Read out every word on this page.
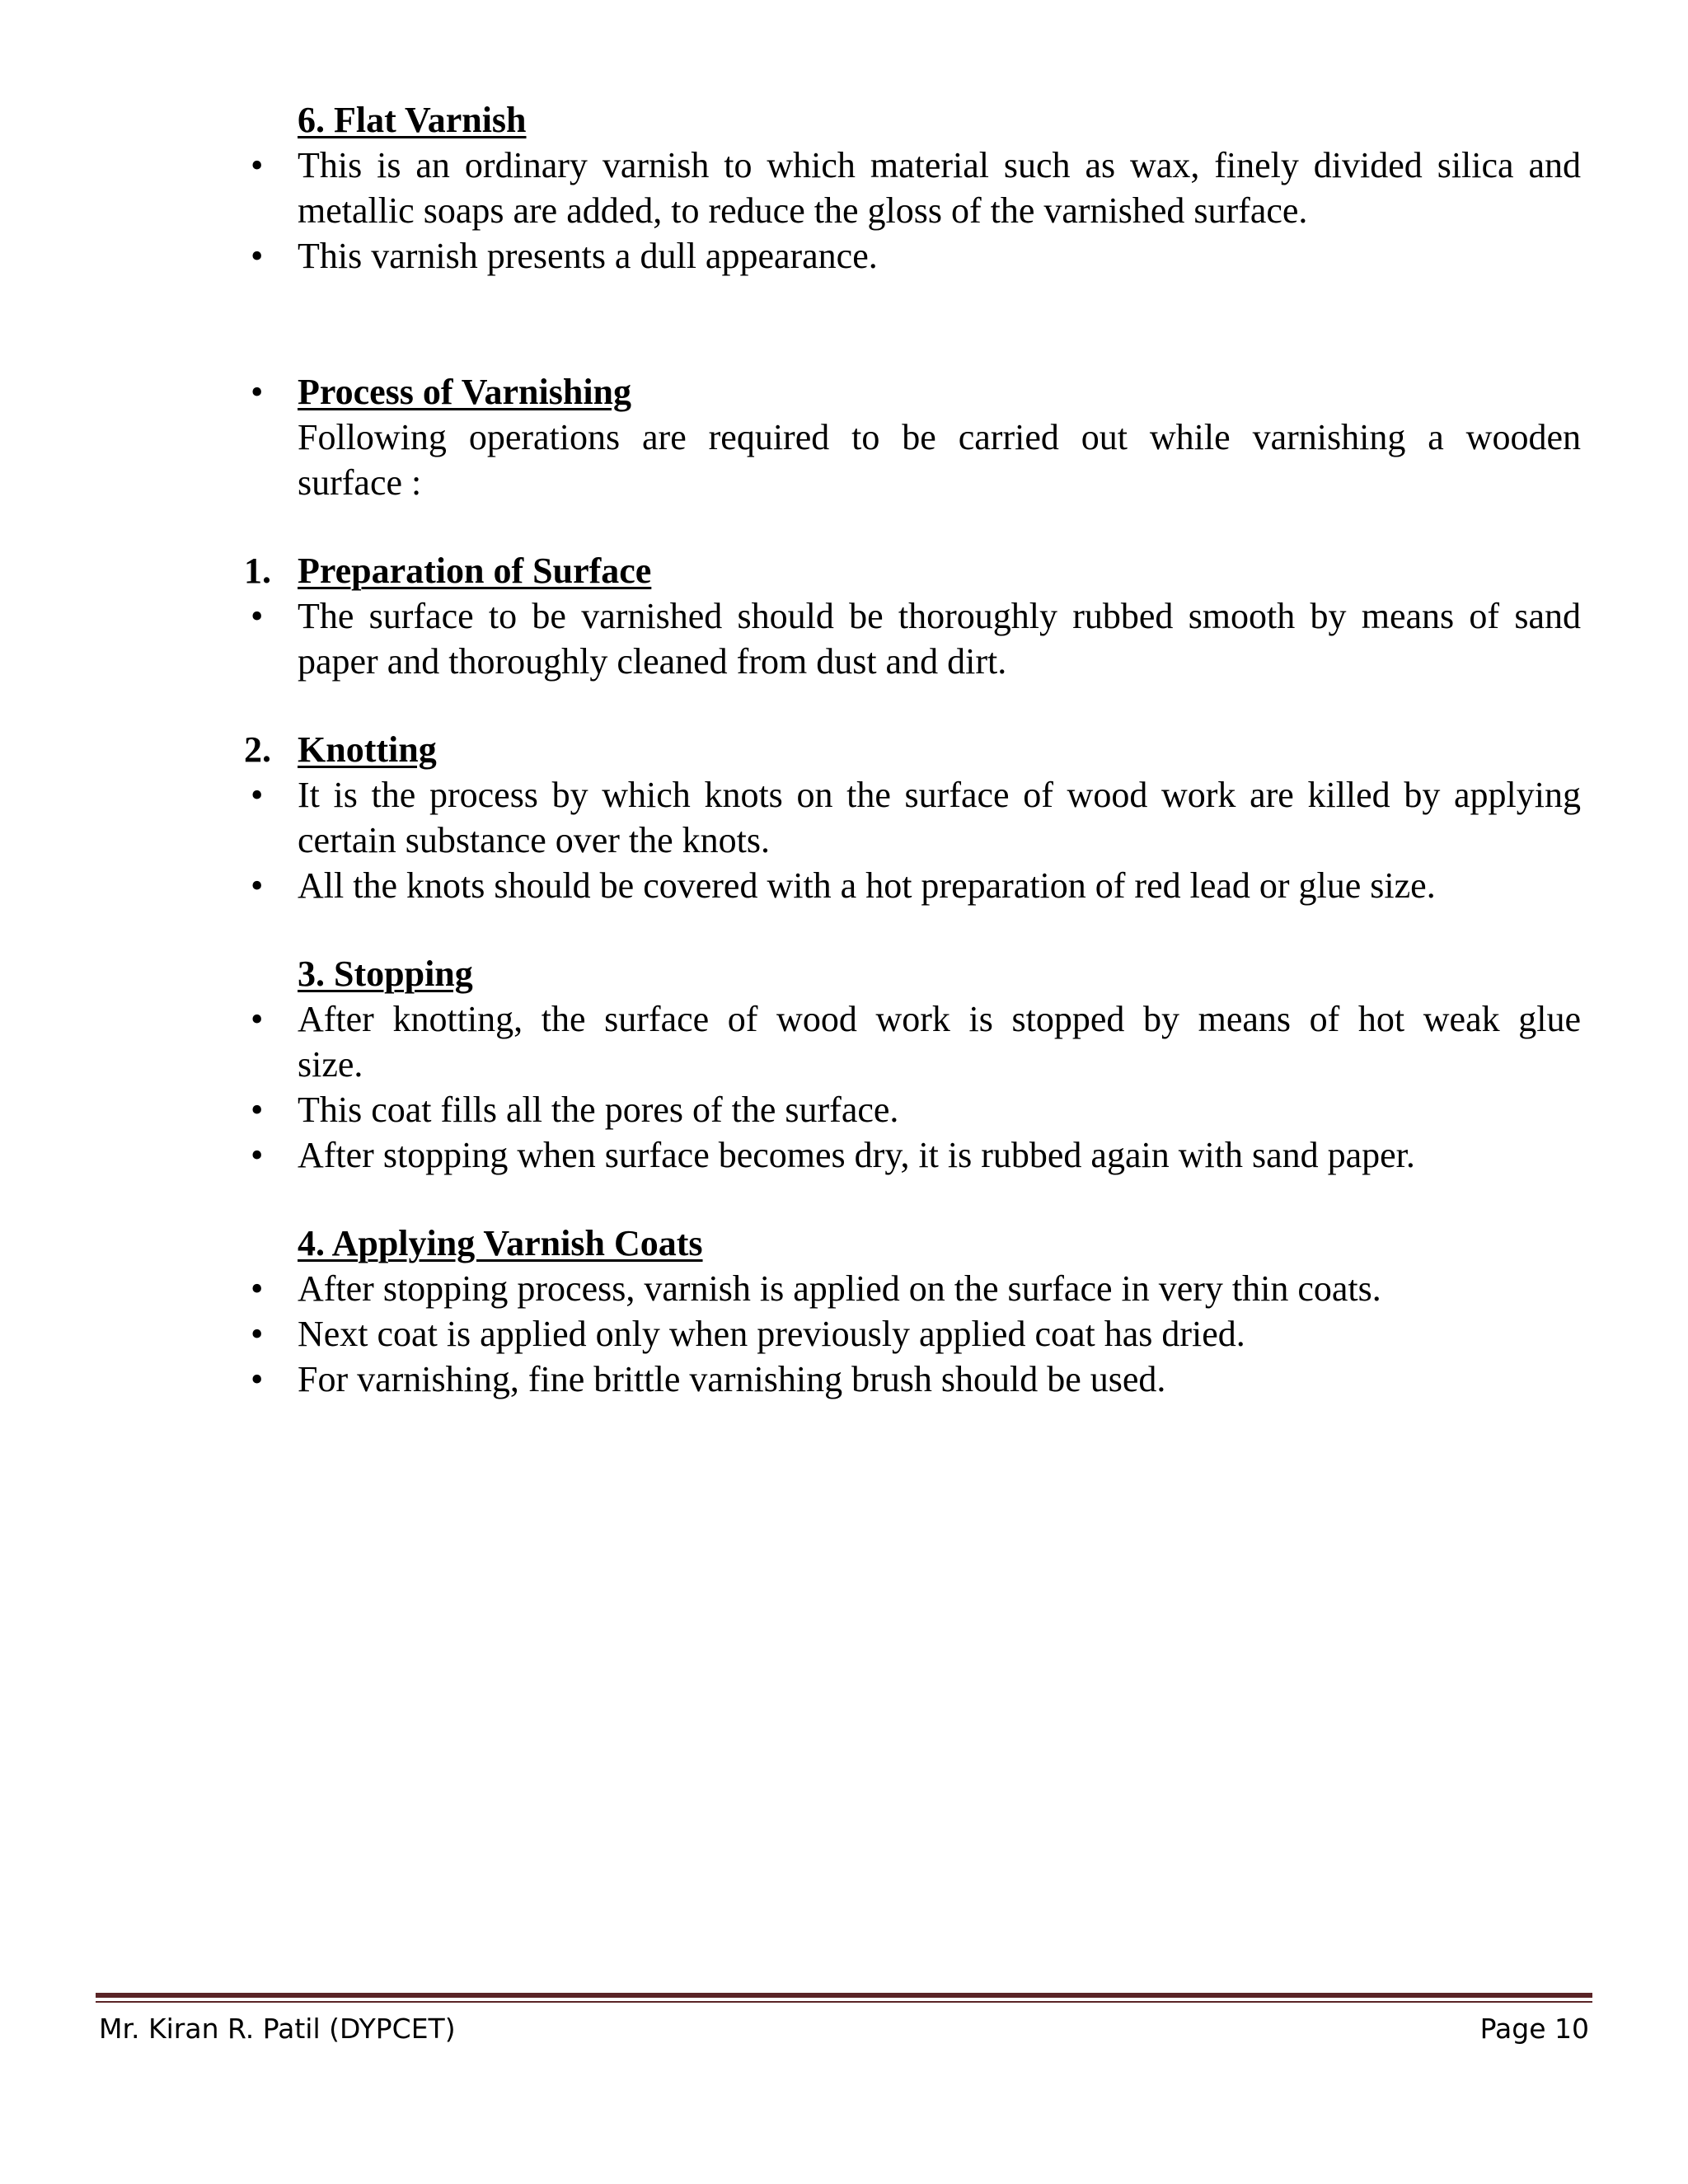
6. Flat Varnish
• This is an ordinary varnish to which material such as wax, finely divided silica and
metallic soaps are added, to reduce the gloss of the varnished surface.
• This varnish presents a dull appearance.
• Process of Varnishing
Following operations are required to be carried out while varnishing a wooden
surface :
1. Preparation of Surface
• The surface to be varnished should be thoroughly rubbed smooth by means of sand
paper and thoroughly cleaned from dust and dirt.
2. Knotting
• It is the process by which knots on the surface of wood work are killed by applying
certain substance over the knots.
• All the knots should be covered with a hot preparation of red lead or glue size.
3. Stopping
• After knotting, the surface of wood work is stopped by means of hot weak glue
size.
• This coat fills all the pores of the surface.
• After stopping when surface becomes dry, it is rubbed again with sand paper.
4. Applying Varnish Coats
• After stopping process, varnish is applied on the surface in very thin coats.
• Next coat is applied only when previously applied coat has dried.
• For varnishing, fine brittle varnishing brush should be used.
Mr. Kiran R. Patil (DYPCET)	Page 10
